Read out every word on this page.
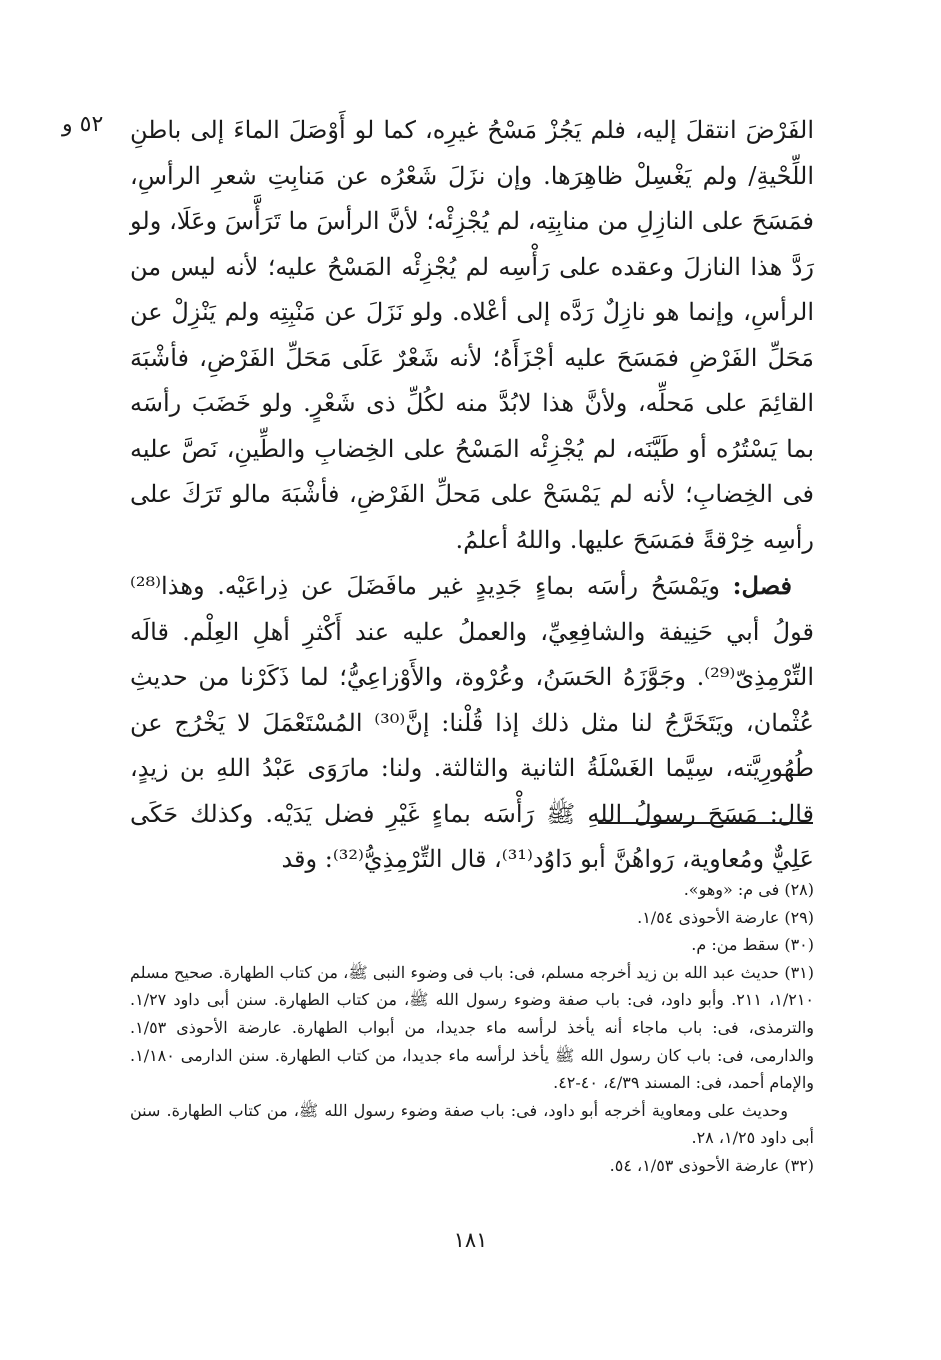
٥٢ و الفَرْضَ انتقلَ إليه، فلم يَجُزْ مَسْحُ غيرِه، كما لو أَوْصَلَ الماءَ إلى باطنِ اللِّحْيةِ/ ولم يَغْسِلْ ظاهِرَها. وإن نزَلَ شَعْرُه عن مَنابِتِ شعرِ الرأسِ، فمَسَحَ على النازِلِ من منابِتِه، لم يُجْزِئْه؛ لأنَّ الرأسَ ما تَرَأَّسَ وعَلَا، ولو رَدَّ هذا النازلَ وعقده على رَأْسِه لم يُجْزِئْه المَسْحُ عليه؛ لأنه ليس من الرأسِ، وإنما هو نازِلٌ رَدَّه إلى أعْلاه. ولو نَزَلَ عن مَنْبِتِه ولم يَنْزِلْ عن مَحَلِّ الفَرْضِ فمَسَحَ عليه أجْزَأَهُ؛ لأنه شَعْرٌ عَلَى مَحَلِّ الفَرْضِ، فأشْبَهَ القائِمَ على مَحلِّه، ولأنَّ هذا لابُدَّ منه لكُلِّ ذى شَعْرٍ. ولو خَضَبَ رأسَه بما يَسْتُرُه أو طَيَّنَه، لم يُجْزِئْه المَسْحُ على الخِضابِ والطِّينِ، نَصَّ عليه فى الخِضابِ؛ لأنه لم يَمْسَحْ على مَحلِّ الفَرْضِ، فأشْبَهَ مالو تَرَكَ على رأسِه خِرْقةً فمَسَحَ عليها. واللهُ أعلمُ.

فصل: ويَمْسَحُ رأسَه بماءٍ جَدِيدٍ غير مافَضَلَ عن ذِراعَيْه. وهذا⁽²⁸⁾ قولُ أبي حَنِيفة والشافِعِيِّ، والعملُ عليه عند أَكْثرِ أهلِ العِلْم. قالَه التِّرْمِذِىّ⁽²⁹⁾. وجَوَّزَهُ الحَسَنُ، وعُرْوة، والأَوْزاعِيُّ؛ لما ذَكَرْنا من حديثِ عُثْمان، ويَتَخَرَّجُ لنا مثل ذلك إذا قُلْنا: إنَّ⁽³⁰⁾ المُسْتَعْمَلَ لا يَخْرُج عن طُهُورِيَّته، سِيَّما الغَسْلَةُ الثانية والثالثة. ولنا: مارَوَى عَبْدُ اللهِ بن زيدٍ، قال: مَسَحَ رسولُ اللهِ ﷺ رَأْسَه بماءٍ غَيْرِ فضل يَدَيْه. وكذلك حَكَى عَلِيٌّ ومُعاوية، رَواهُنَّ أبو دَاوُد⁽³¹⁾، قال التِّرْمِذِيُّ⁽³²⁾: وقد

(٢٨) فى م: «وهو».

(٢٩) عارضة الأحوذى ١/٥٤.

(٣٠) سقط من: م.

(٣١) حديث عبد الله بن زيد أخرجه مسلم، فى: باب فى وضوء النبى ﷺ، من كتاب الطهارة. صحيح مسلم ١/٢١٠، ٢١١. وأبو داود، فى: باب صفة وضوء رسول الله ﷺ، من كتاب الطهارة. سنن أبى داود ١/٢٧. والترمذى، فى: باب ماجاء أنه يأخذ لرأسه ماء جديدا، من أبواب الطهارة. عارضة الأحوذى ١/٥٣. والدارمى، فى: باب كان رسول الله ﷺ يأخذ لرأسه ماء جديدا، من كتاب الطهارة. سنن الدارمى ١/١٨٠. والإمام أحمد، فى: المسند ٤/٣٩، ٤٠-٤٢.

وحديث على ومعاوية أخرجه أبو داود، فى: باب صفة وضوء رسول الله ﷺ، من كتاب الطهارة. سنن أبى داود ١/٢٥، ٢٨.

(٣٢) عارضة الأحوذى ١/٥٣، ٥٤.

١٨١
